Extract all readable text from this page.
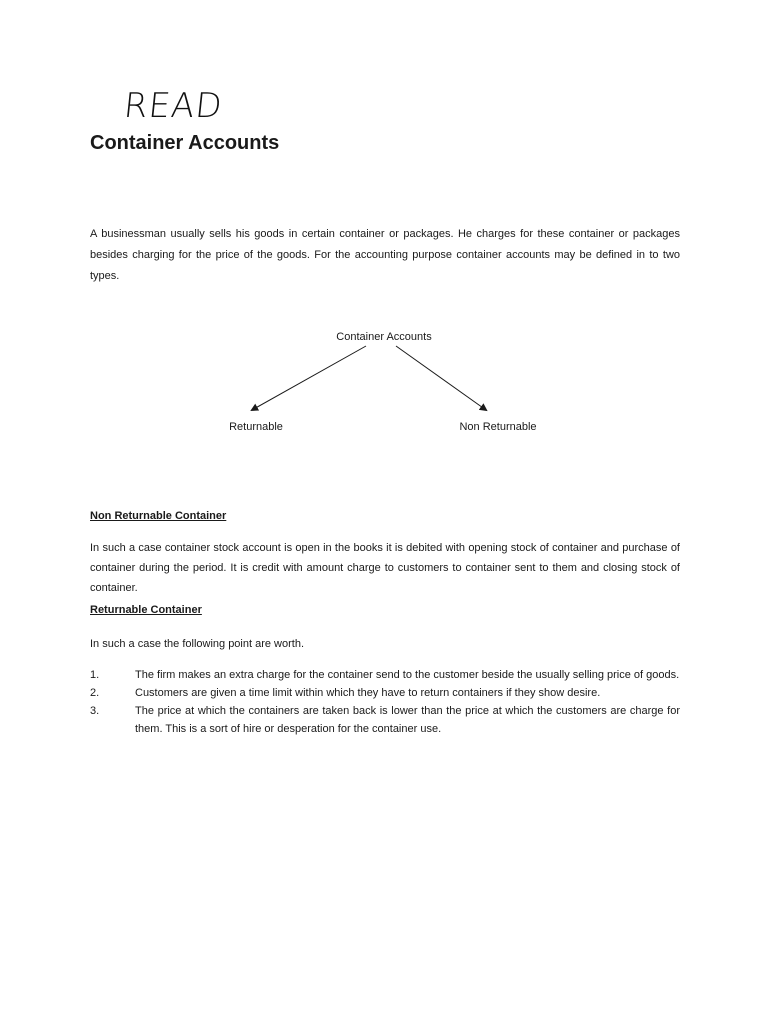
READ
Container Accounts

A businessman usually sells his goods in certain container or packages. He charges for these container or packages besides charging for the price of the goods. For the accounting purpose container accounts may be defined in to two types.

Container Accounts
Returnable	Non Returnable
Non Returnable Container

In such a case container stock account is open in the books it is debited with opening stock of container and purchase of container during the period. It is credit with amount charge to customers to container sent to them and closing stock of container.

Returnable Container

In such a case the following point are worth.

1.	The firm makes an extra charge for the container send to the customer beside the usually selling price of goods.
2.	Customers are given a time limit within which they have to return containers if they show desire.
3.	The price at which the containers are taken back is lower than the price at which the customers are charge for them. This is a sort of hire or desperation for the container use.
